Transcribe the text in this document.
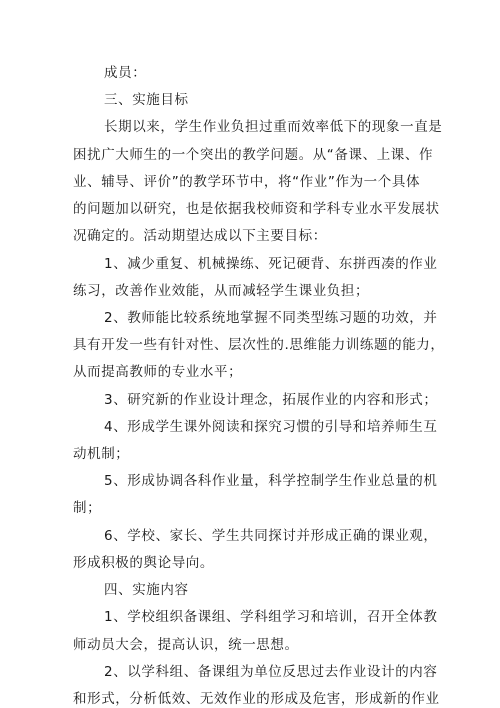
成员：

三、实施目标

长期以来，学生作业负担过重而效率低下的现象一直是

困扰广大师生的一个突出的教学问题。从“备课、上课、作

业、辅导、评价”的教学环节中，将“作业”作为一个具体

的问题加以研究，也是依据我校师资和学科专业水平发展状

况确定的。活动期望达成以下主要目标：

1、减少重复、机械操练、死记硬背、东拼西凑的作业

练习，改善作业效能，从而减轻学生课业负担；

2、教师能比较系统地掌握不同类型练习题的功效，并

具有开发一些有针对性、层次性的.思维能力训练题的能力，

从而提高教师的专业水平；

3、研究新的作业设计理念，拓展作业的内容和形式；

4、形成学生课外阅读和探究习惯的引导和培养师生互

动机制；

5、形成协调各科作业量，科学控制学生作业总量的机

制；

6、学校、家长、学生共同探讨并形成正确的课业观，

形成积极的舆论导向。

四、实施内容

1、学校组织备课组、学科组学习和培训，召开全体教

师动员大会，提高认识，统一思想。

2、以学科组、备课组为单位反思过去作业设计的内容

和形式，分析低效、无效作业的形成及危害，形成新的作业
